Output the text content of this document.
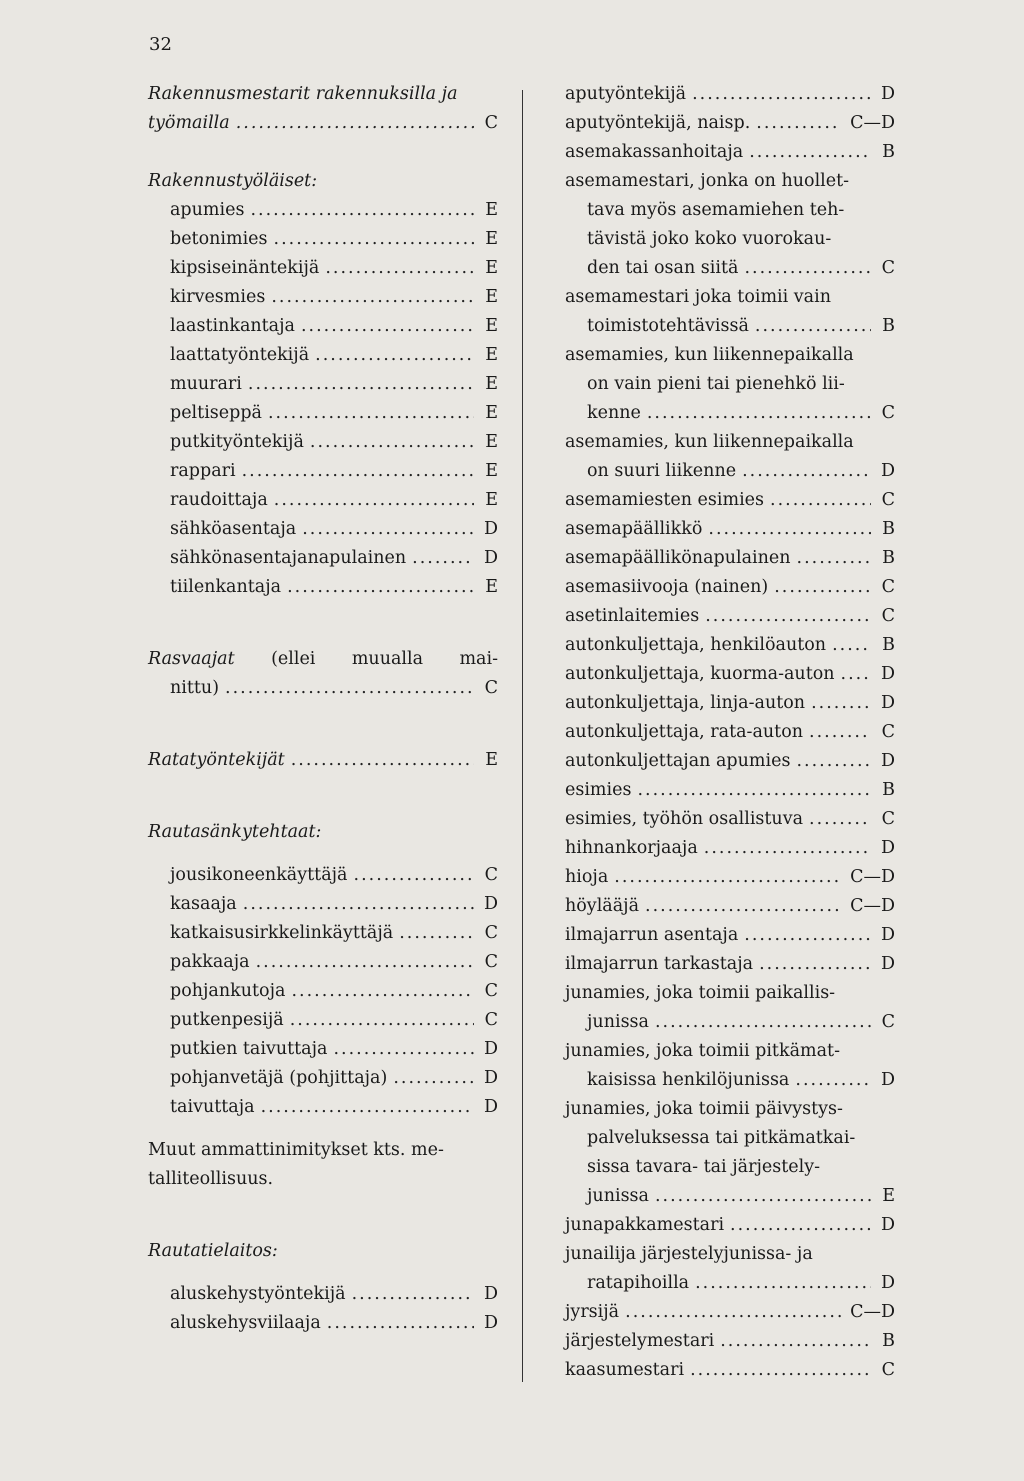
32
Rakennusmestarit rakennuksilla ja
työmailla .....	C
Rakennustyöläiset:
apumies .....	E
betonimies .....	E
kipsiseinäntekijä .....	E
kirvesmies .....	E
laastinkantaja .....	E
laattatyöntekijä .....	E
muurari .....	E
peltiseppä .....	E
putkityöntekijä .....	E
rappari .....	E
raudoittaja .....	E
sähköasentaja .....	D
sähkönasentajanapulainen .....	D
tiilenkantaja .....	E
Rasvaajat (ellei muualla mai-
nittu) .....	C
Ratatyöntekijät .....	E
Rautasänkytehtaat:
jousikoneenkäyttäjä .....	C
kasaaja .....	D
katkaisusirkkelinkäyttäjä .....	C
pakkaaja .....	C
pohjankutoja .....	C
putkenpesijä .....	C
putkien taivuttaja .....	D
pohjanvetäjä (pohjittaja) .....	D
taivuttaja .....	D
Muut ammattinimitykset kts. me-
talliteollisuus.
Rautatielaitos:
aluskehystyöntekijä .....	D
aluskehysviilaaja .....	D
aputyöntekijä .....	D
aputyöntekijä, naisp. .....	C—D
asemakassanhoitaja .....	B
asemamestari, jonka on huollet-
tava myös asemamiehen teh-
tävistä joko koko vuorokau-
den tai osan siitä .....	C
asemamestari joka toimii vain
toimistotehtävissä .....	B
asemamies, kun liikennepaikalla
on vain pieni tai pienehkö lii-
kenne .....	C
asemamies, kun liikennepaikalla
on suuri liikenne .....	D
asemamiesten esimies .....	C
asemapäällikkö .....	B
asemapäällikönapulainen .....	B
asemasiivooja (nainen) .....	C
asetinlaitemies .....	C
autonkuljettaja, henkilöauton .....	B
autonkuljettaja, kuorma-auton .....	D
autonkuljettaja, linja-auton .....	D
autonkuljettaja, rata-auton .....	C
autonkuljettajan apumies .....	D
esimies .....	B
esimies, työhön osallistuva .....	C
hihnankorjaaja .....	D
hioja .....	C—D
höylääjä .....	C—D
ilmajarrun asentaja .....	D
ilmajarrun tarkastaja .....	D
junamies, joka toimii paikallis-
junissa .....	C
junamies, joka toimii pitkämat-
kaisissa henkilöjunissa .....	D
junamies, joka toimii päivystys-
palveluksessa tai pitkämatkai-
sissa tavara- tai järjestely-
junissa .....	E
junapakkamestari .....	D
junailija järjestelyjunissa- ja
ratapihoilla .....	D
jyrsijä .....	C—D
järjestelymestari .....	B
kaasumestari .....	C
